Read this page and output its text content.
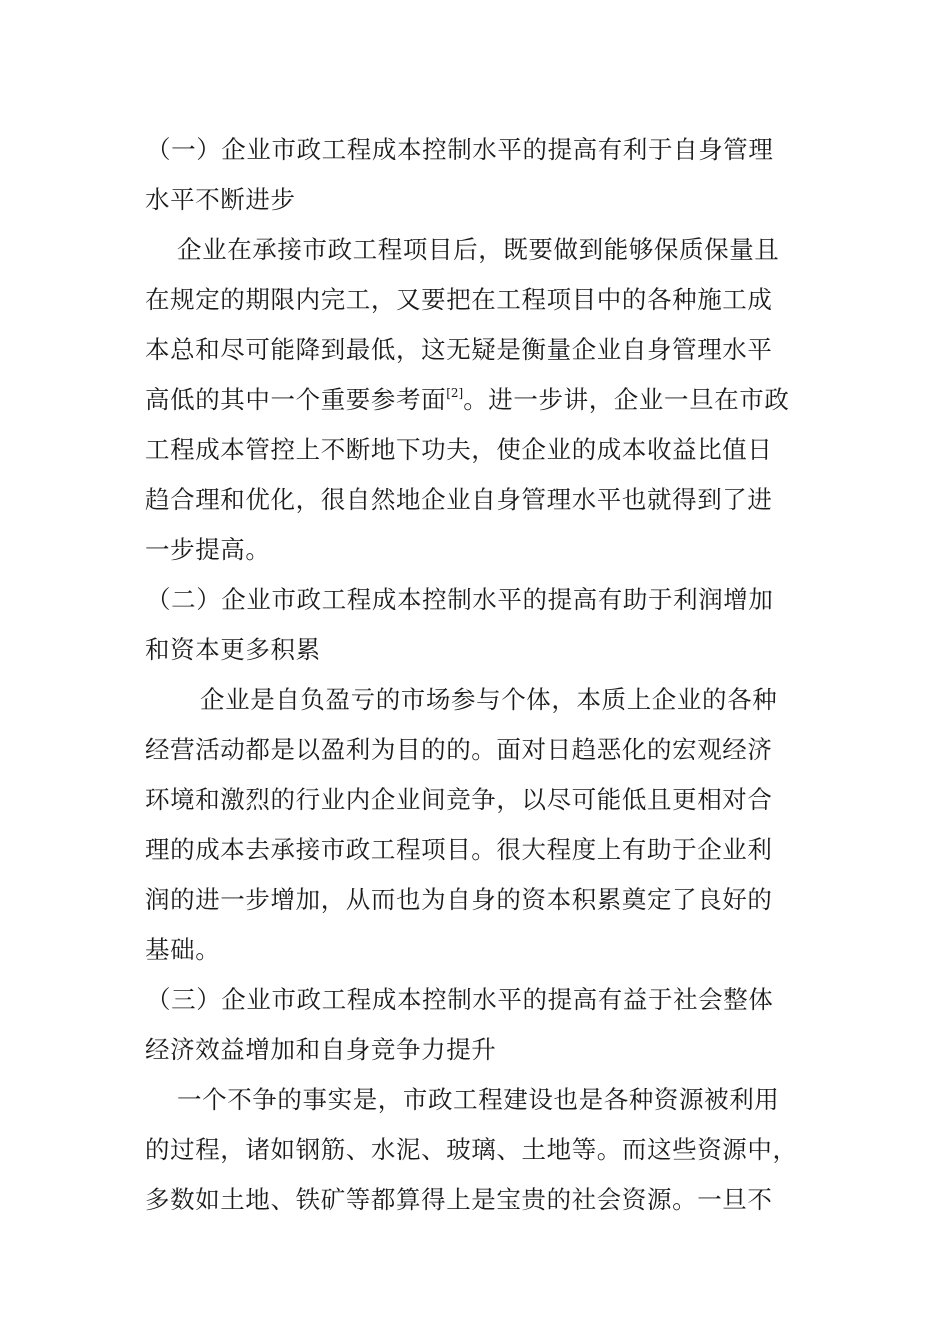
（一）企业市政工程成本控制水平的提高有利于自身管理
水平不断进步
企业在承接市政工程项目后，既要做到能够保质保量且
在规定的期限内完工，又要把在工程项目中的各种施工成
本总和尽可能降到最低，这无疑是衡量企业自身管理水平
高低的其中一个重要参考面[2]。进一步讲，企业一旦在市政
工程成本管控上不断地下功夫，使企业的成本收益比值日
趋合理和优化，很自然地企业自身管理水平也就得到了进
一步提高。
（二）企业市政工程成本控制水平的提高有助于利润增加
和资本更多积累
企业是自负盈亏的市场参与个体，本质上企业的各种
经营活动都是以盈利为目的的。面对日趋恶化的宏观经济
环境和激烈的行业内企业间竞争，以尽可能低且更相对合
理的成本去承接市政工程项目。很大程度上有助于企业利
润的进一步增加，从而也为自身的资本积累奠定了良好的
基础。
（三）企业市政工程成本控制水平的提高有益于社会整体
经济效益增加和自身竞争力提升
一个不争的事实是，市政工程建设也是各种资源被利用
的过程，诸如钢筋、水泥、玻璃、土地等。而这些资源中，
多数如土地、铁矿等都算得上是宝贵的社会资源。一旦不
